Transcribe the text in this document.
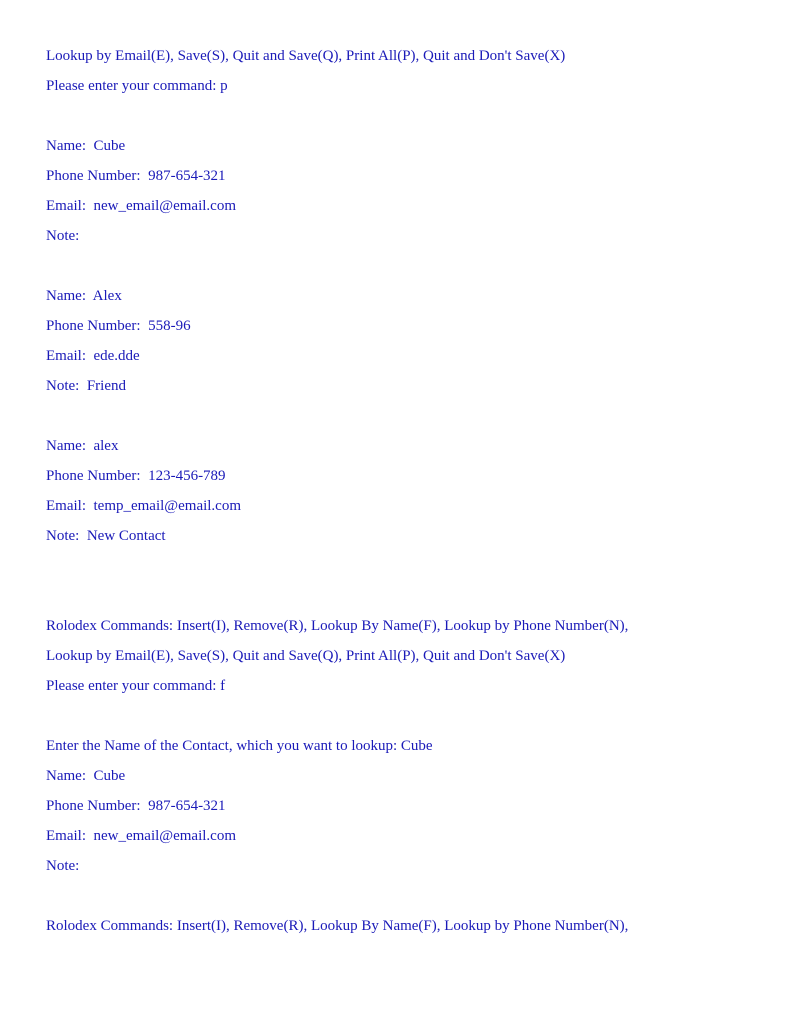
Lookup by Email(E), Save(S), Quit and Save(Q), Print All(P), Quit and Don't Save(X)
Please enter your command: p
Name:  Cube
Phone Number:  987-654-321
Email:  new_email@email.com
Note:
Name:  Alex
Phone Number:  558-96
Email:  ede.dde
Note:  Friend
Name:  alex
Phone Number:  123-456-789
Email:  temp_email@email.com
Note:  New Contact
Rolodex Commands: Insert(I), Remove(R), Lookup By Name(F), Lookup by Phone Number(N),
Lookup by Email(E), Save(S), Quit and Save(Q), Print All(P), Quit and Don't Save(X)
Please enter your command: f
Enter the Name of the Contact, which you want to lookup: Cube
Name:  Cube
Phone Number:  987-654-321
Email:  new_email@email.com
Note:
Rolodex Commands: Insert(I), Remove(R), Lookup By Name(F), Lookup by Phone Number(N),
